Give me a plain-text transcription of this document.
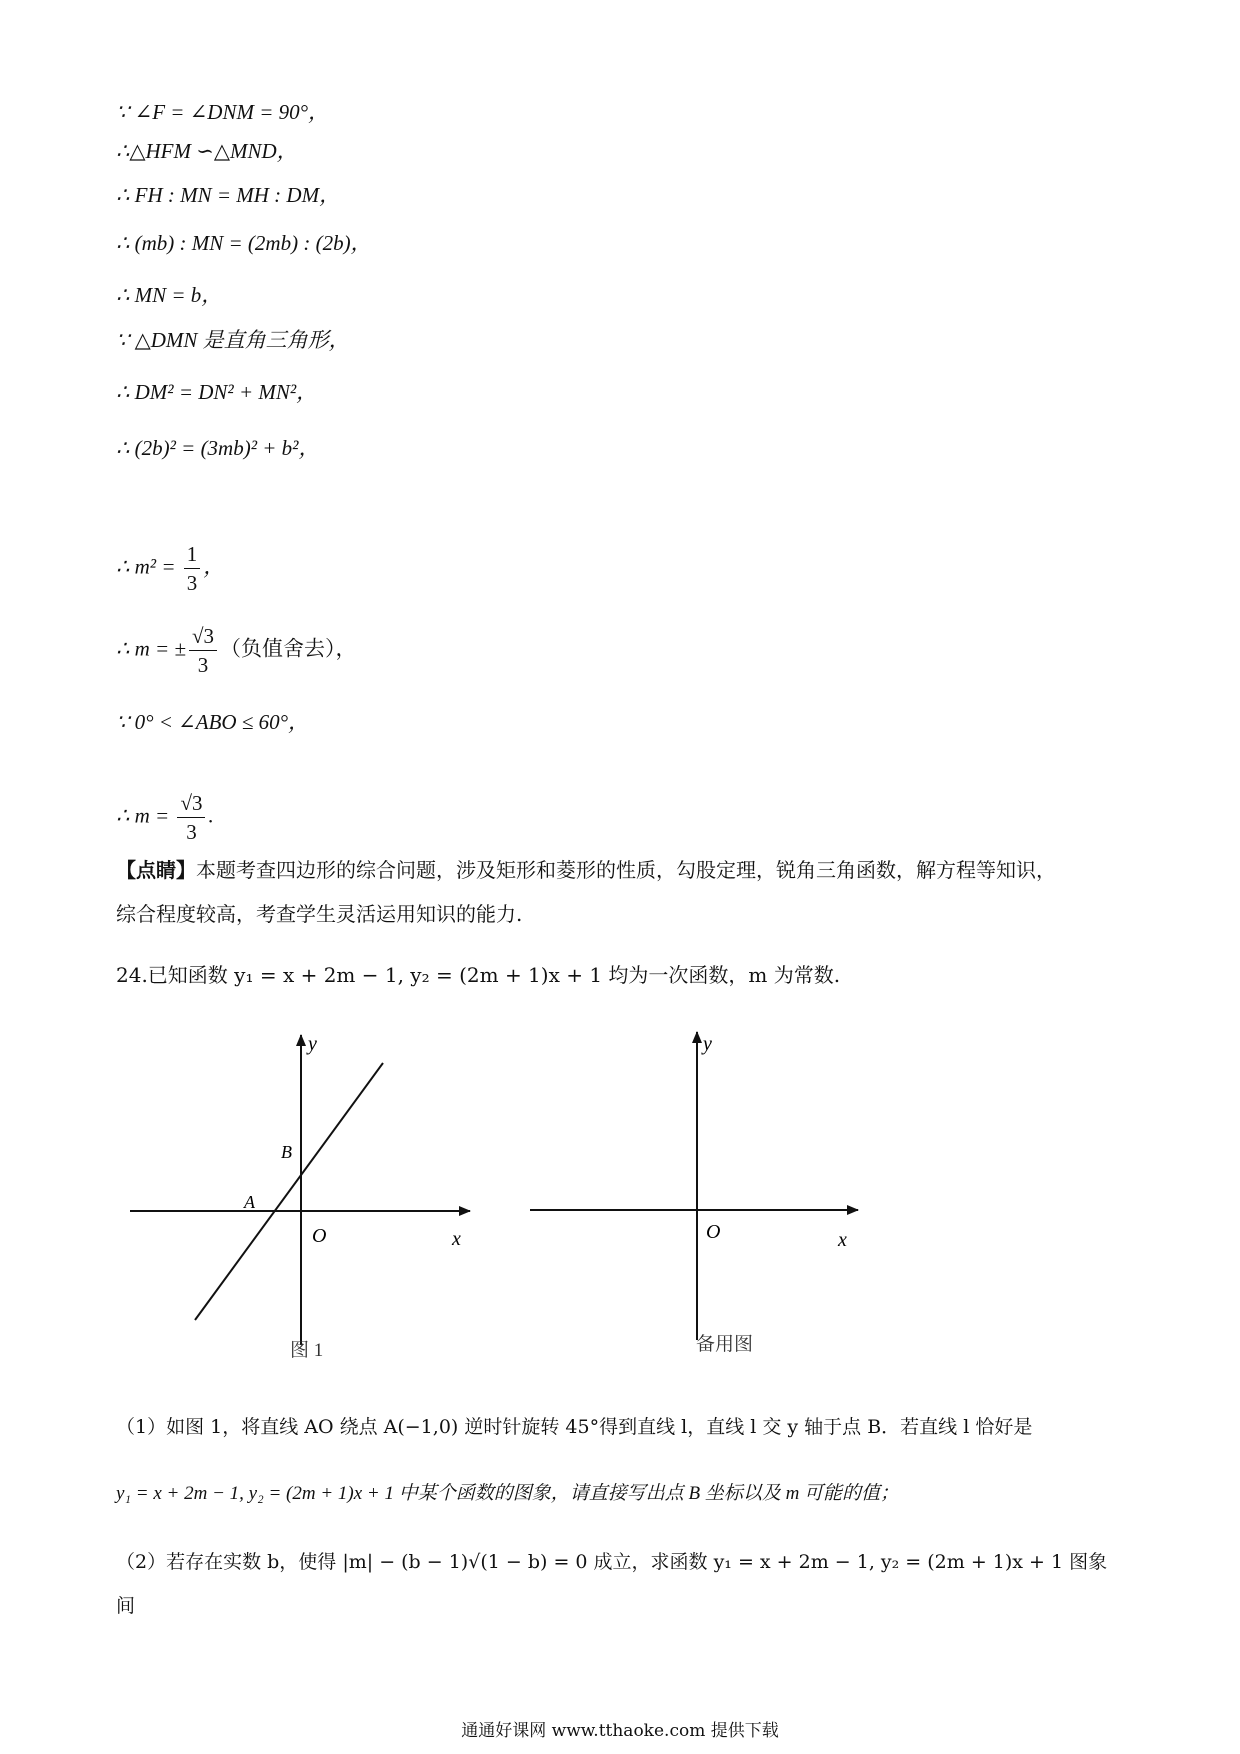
∵ ∠F = ∠DNM = 90°，
∴△HFM ∽△MND，
∴ FH : MN = MH : DM，
∴ (mb) : MN = (2mb) : (2b)，
∴ MN = b，
∵ △DMN 是直角三角形，
∴ DM² = DN² + MN²，
∴ (2b)² = (3mb)² + b²，
∴ $m^2 = \frac{1}{3}$ ，
∴ m = ± $\frac{√3}{3}$ （负值舍去），
∵ 0° < ∠ABO ≤ 60°，
∴ $m = \frac{√3}{3}$ .
【点睛】本题考查四边形的综合问题，涉及矩形和菱形的性质，勾股定理，锐角三角函数，解方程等知识，
综合程度较高，考查学生灵活运用知识的能力.
24.已知函数 y₁ = x + 2m − 1, y₂ = (2m + 1)x + 1 均为一次函数，m 为常数.
y
x
O
A
B
图 1
y
x
O
备用图
（1）如图 1，将直线 AO 绕点 A(−1,0) 逆时针旋转 45°得到直线 l，直线 l 交 y 轴于点 B．若直线 l 恰好是
y₁ = x + 2m − 1, y₂ = (2m + 1)x + 1 中某个函数的图象，请直接写出点 B 坐标以及 m 可能的值；
（2）若存在实数 b，使得 |m| − (b − 1)√(1 − b) = 0 成立，求函数 y₁ = x + 2m − 1, y₂ = (2m + 1)x + 1 图象间
通通好课网 www.tthaoke.com 提供下载
